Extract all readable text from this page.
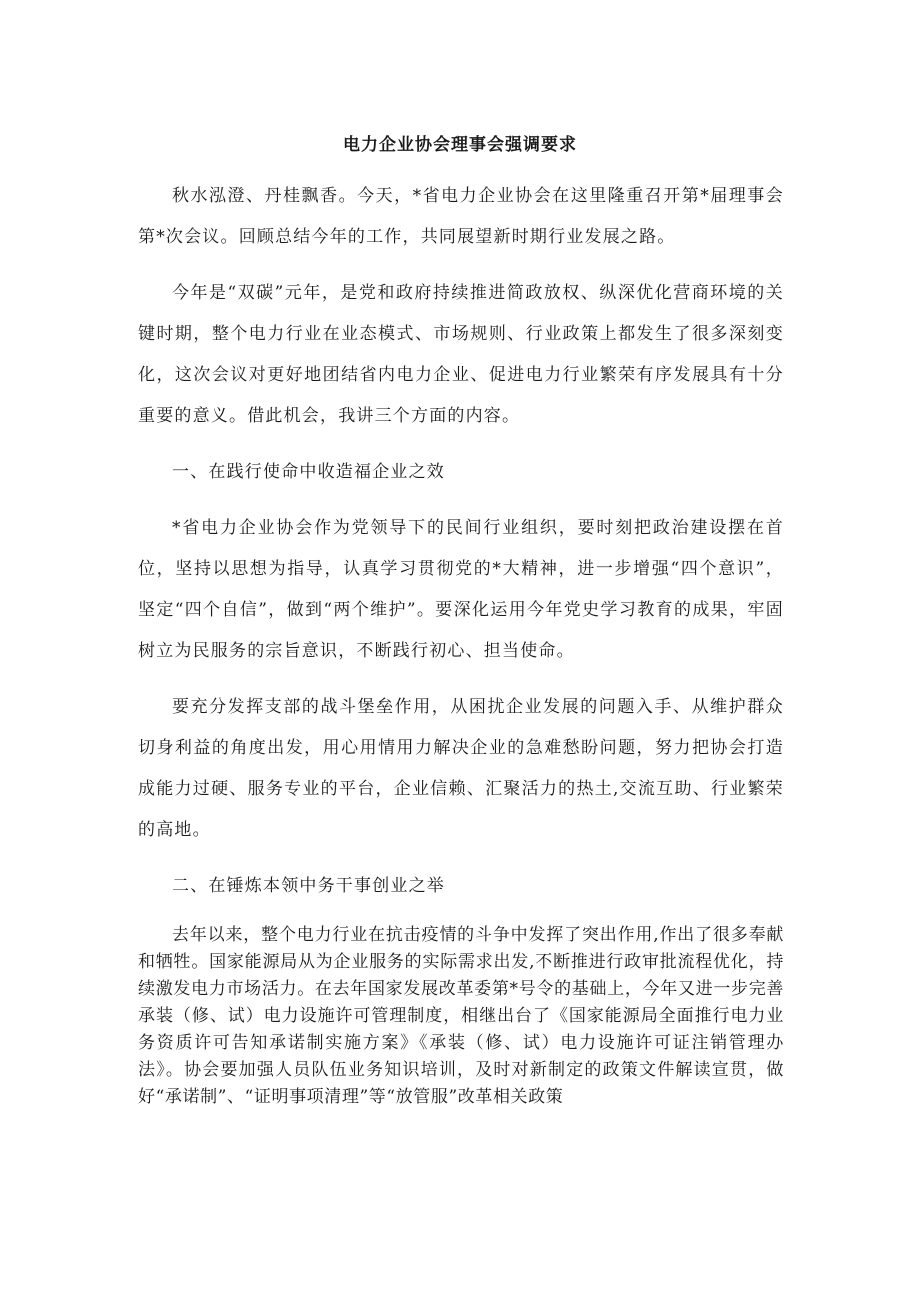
电力企业协会理事会强调要求

秋水泓澄、丹桂飘香。今天，*省电力企业协会在这里隆重召开第*届理事会第*次会议。回顾总结今年的工作，共同展望新时期行业发展之路。

今年是“双碳”元年，是党和政府持续推进简政放权、纵深优化营商环境的关键时期，整个电力行业在业态模式、市场规则、行业政策上都发生了很多深刻变化，这次会议对更好地团结省内电力企业、促进电力行业繁荣有序发展具有十分重要的意义。借此机会，我讲三个方面的内容。

一、在践行使命中收造福企业之效

*省电力企业协会作为党领导下的民间行业组织，要时刻把政治建设摆在首位，坚持以思想为指导，认真学习贯彻党的*大精神，进一步增强“四个意识”，坚定“四个自信”，做到“两个维护”。要深化运用今年党史学习教育的成果，牢固树立为民服务的宗旨意识，不断践行初心、担当使命。

要充分发挥支部的战斗堡垒作用，从困扰企业发展的问题入手、从维护群众切身利益的角度出发，用心用情用力解决企业的急难愁盼问题，努力把协会打造成能力过硬、服务专业的平台，企业信赖、汇聚活力的热土,交流互助、行业繁荣的高地。

二、在锤炼本领中务干事创业之举

去年以来，整个电力行业在抗击疫情的斗争中发挥了突出作用,作出了很多奉献和牺牲。国家能源局从为企业服务的实际需求出发,不断推进行政审批流程优化，持续激发电力市场活力。在去年国家发展改革委第*号令的基础上，今年又进一步完善承装（修、试）电力设施许可管理制度，相继出台了《国家能源局全面推行电力业务资质许可告知承诺制实施方案》《承装（修、试）电力设施许可证注销管理办法》。协会要加强人员队伍业务知识培训，及时对新制定的政策文件解读宣贯，做好“承诺制”、“证明事项清理”等“放管服”改革相关政策
